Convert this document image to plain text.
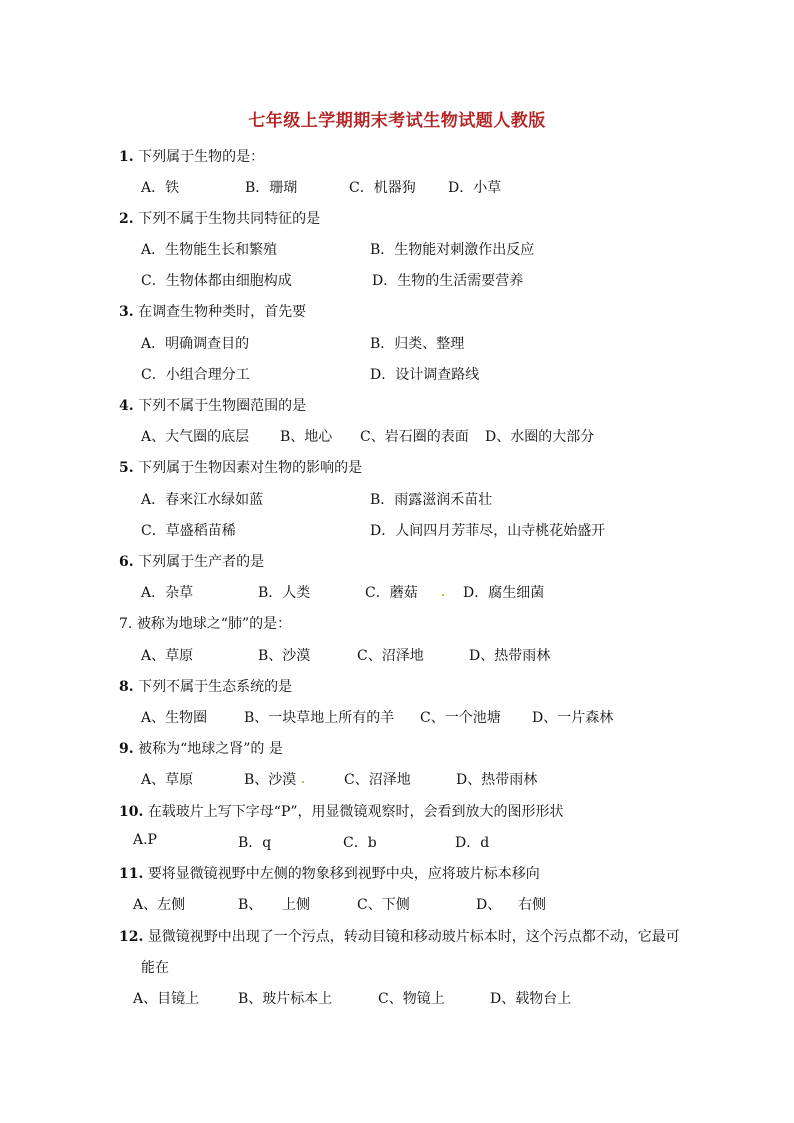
七年级上学期期末考试生物试题人教版
1. 下列属于生物的是：
A．铁	B．珊瑚	C．机器狗 D．小草
2. 下列不属于生物共同特征的是
A．生物能生长和繁殖	B．生物能对刺激作出反应
C．生物体都由细胞构成	D．生物的生活需要营养
3. 在调查生物种类时，首先要
A．明确调查目的	B．归类、整理
C．小组合理分工	D．设计调查路线
4. 下列不属于生物圈范围的是
A、大气圈的底层 B、地心 C、岩石圈的表面 D、水圈的大部分
5. 下列属于生物因素对生物的影响的是
A．春来江水绿如蓝	B．雨露滋润禾苗壮
C．草盛稻苗稀	D．人间四月芳菲尽，山寺桃花始盛开
6. 下列属于生产者的是
A．杂草	B．人类	C．蘑菇	D．腐生细菌
7. 被称为地球之“肺”的是：
A、草原	B、沙漠	C、沼泽地	D、热带雨林
8. 下列不属于生态系统的是
A、生物圈	B、一块草地上所有的羊 C、一个池塘 D、一片森林
9. 被称为“地球之肾”的 是
A、草原	B、沙漠	C、沼泽地	D、热带雨林
10. 在载玻片上写下字母“P”，用显微镜观察时，会看到放大的图形形状
A.P	B．q	C．b	D．d
11. 要将显微镜视野中左侧的物象移到视野中央，应将玻片标本移向
A、左侧	B、 上侧	C、下侧	D、 右侧
12. 显微镜视野中出现了一个污点，转动目镜和移动玻片标本时，这个污点都不动，它最可
能在
A、目镜上	B、玻片标本上	C、物镜上	D、载物台上
